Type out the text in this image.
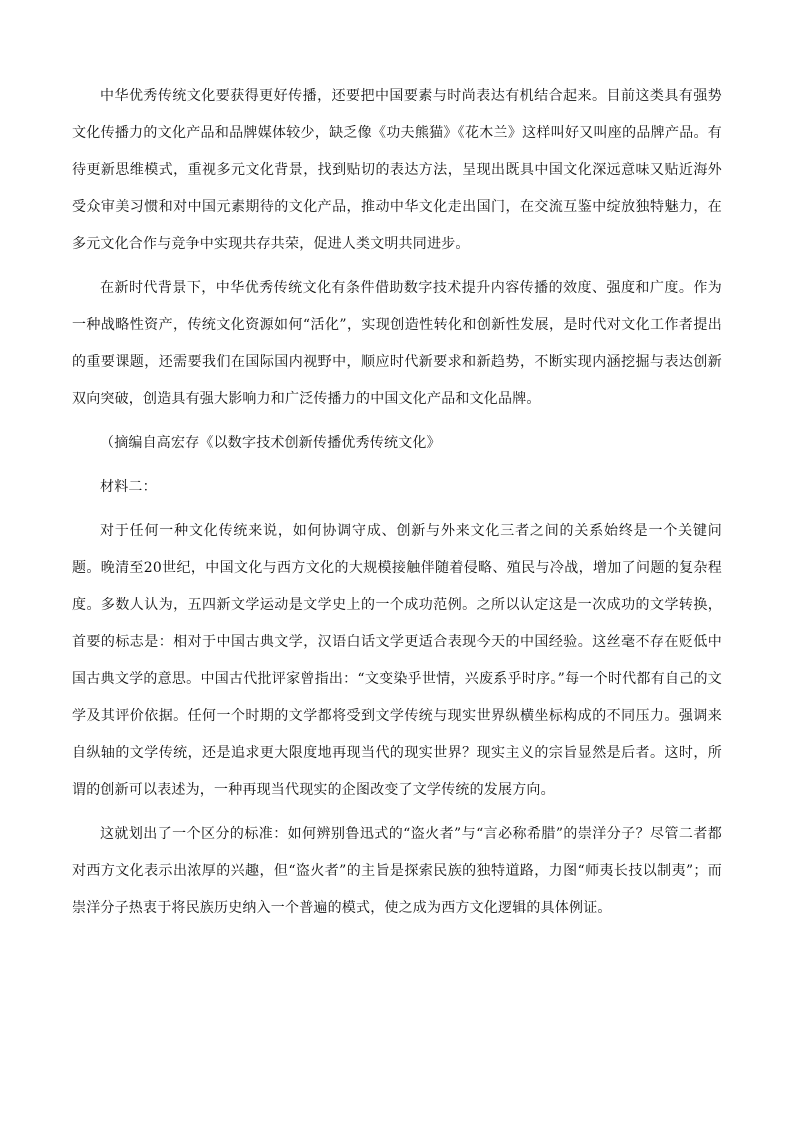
中华优秀传统文化要获得更好传播，还要把中国要素与时尚表达有机结合起来。目前这类具有强势文化传播力的文化产品和品牌媒体较少，缺乏像《功夫熊猫》《花木兰》这样叫好又叫座的品牌产品。有待更新思维模式，重视多元文化背景，找到贴切的表达方法，呈现出既具中国文化深远意味又贴近海外受众审美习惯和对中国元素期待的文化产品，推动中华文化走出国门，在交流互鉴中绽放独特魅力，在多元文化合作与竞争中实现共存共荣，促进人类文明共同进步。

在新时代背景下，中华优秀传统文化有条件借助数字技术提升内容传播的效度、强度和广度。作为一种战略性资产，传统文化资源如何“活化”，实现创造性转化和创新性发展，是时代对文化工作者提出的重要课题，还需要我们在国际国内视野中，顺应时代新要求和新趋势，不断实现内涵挖掘与表达创新双向突破，创造具有强大影响力和广泛传播力的中国文化产品和文化品牌。

（摘编自高宏存《以数字技术创新传播优秀传统文化》

材料二：

对于任何一种文化传统来说，如何协调守成、创新与外来文化三者之间的关系始终是一个关键问题。晚清至20世纪，中国文化与西方文化的大规模接触伴随着侵略、殖民与冷战，增加了问题的复杂程度。多数人认为，五四新文学运动是文学史上的一个成功范例。之所以认定这是一次成功的文学转换，首要的标志是：相对于中国古典文学，汉语白话文学更适合表现今天的中国经验。这丝毫不存在贬低中国古典文学的意思。中国古代批评家曾指出：“文变染乎世情，兴废系乎时序。”每一个时代都有自己的文学及其评价依据。任何一个时期的文学都将受到文学传统与现实世界纵横坐标构成的不同压力。强调来自纵轴的文学传统，还是追求更大限度地再现当代的现实世界？现实主义的宗旨显然是后者。这时，所谓的创新可以表述为，一种再现当代现实的企图改变了文学传统的发展方向。

这就划出了一个区分的标准：如何辨别鲁迅式的“盗火者”与“言必称希腊”的崇洋分子？尽管二者都对西方文化表示出浓厚的兴趣，但“盗火者”的主旨是探索民族的独特道路，力图“师夷长技以制夷”；而崇洋分子热衷于将民族历史纳入一个普遍的模式，使之成为西方文化逻辑的具体例证。
